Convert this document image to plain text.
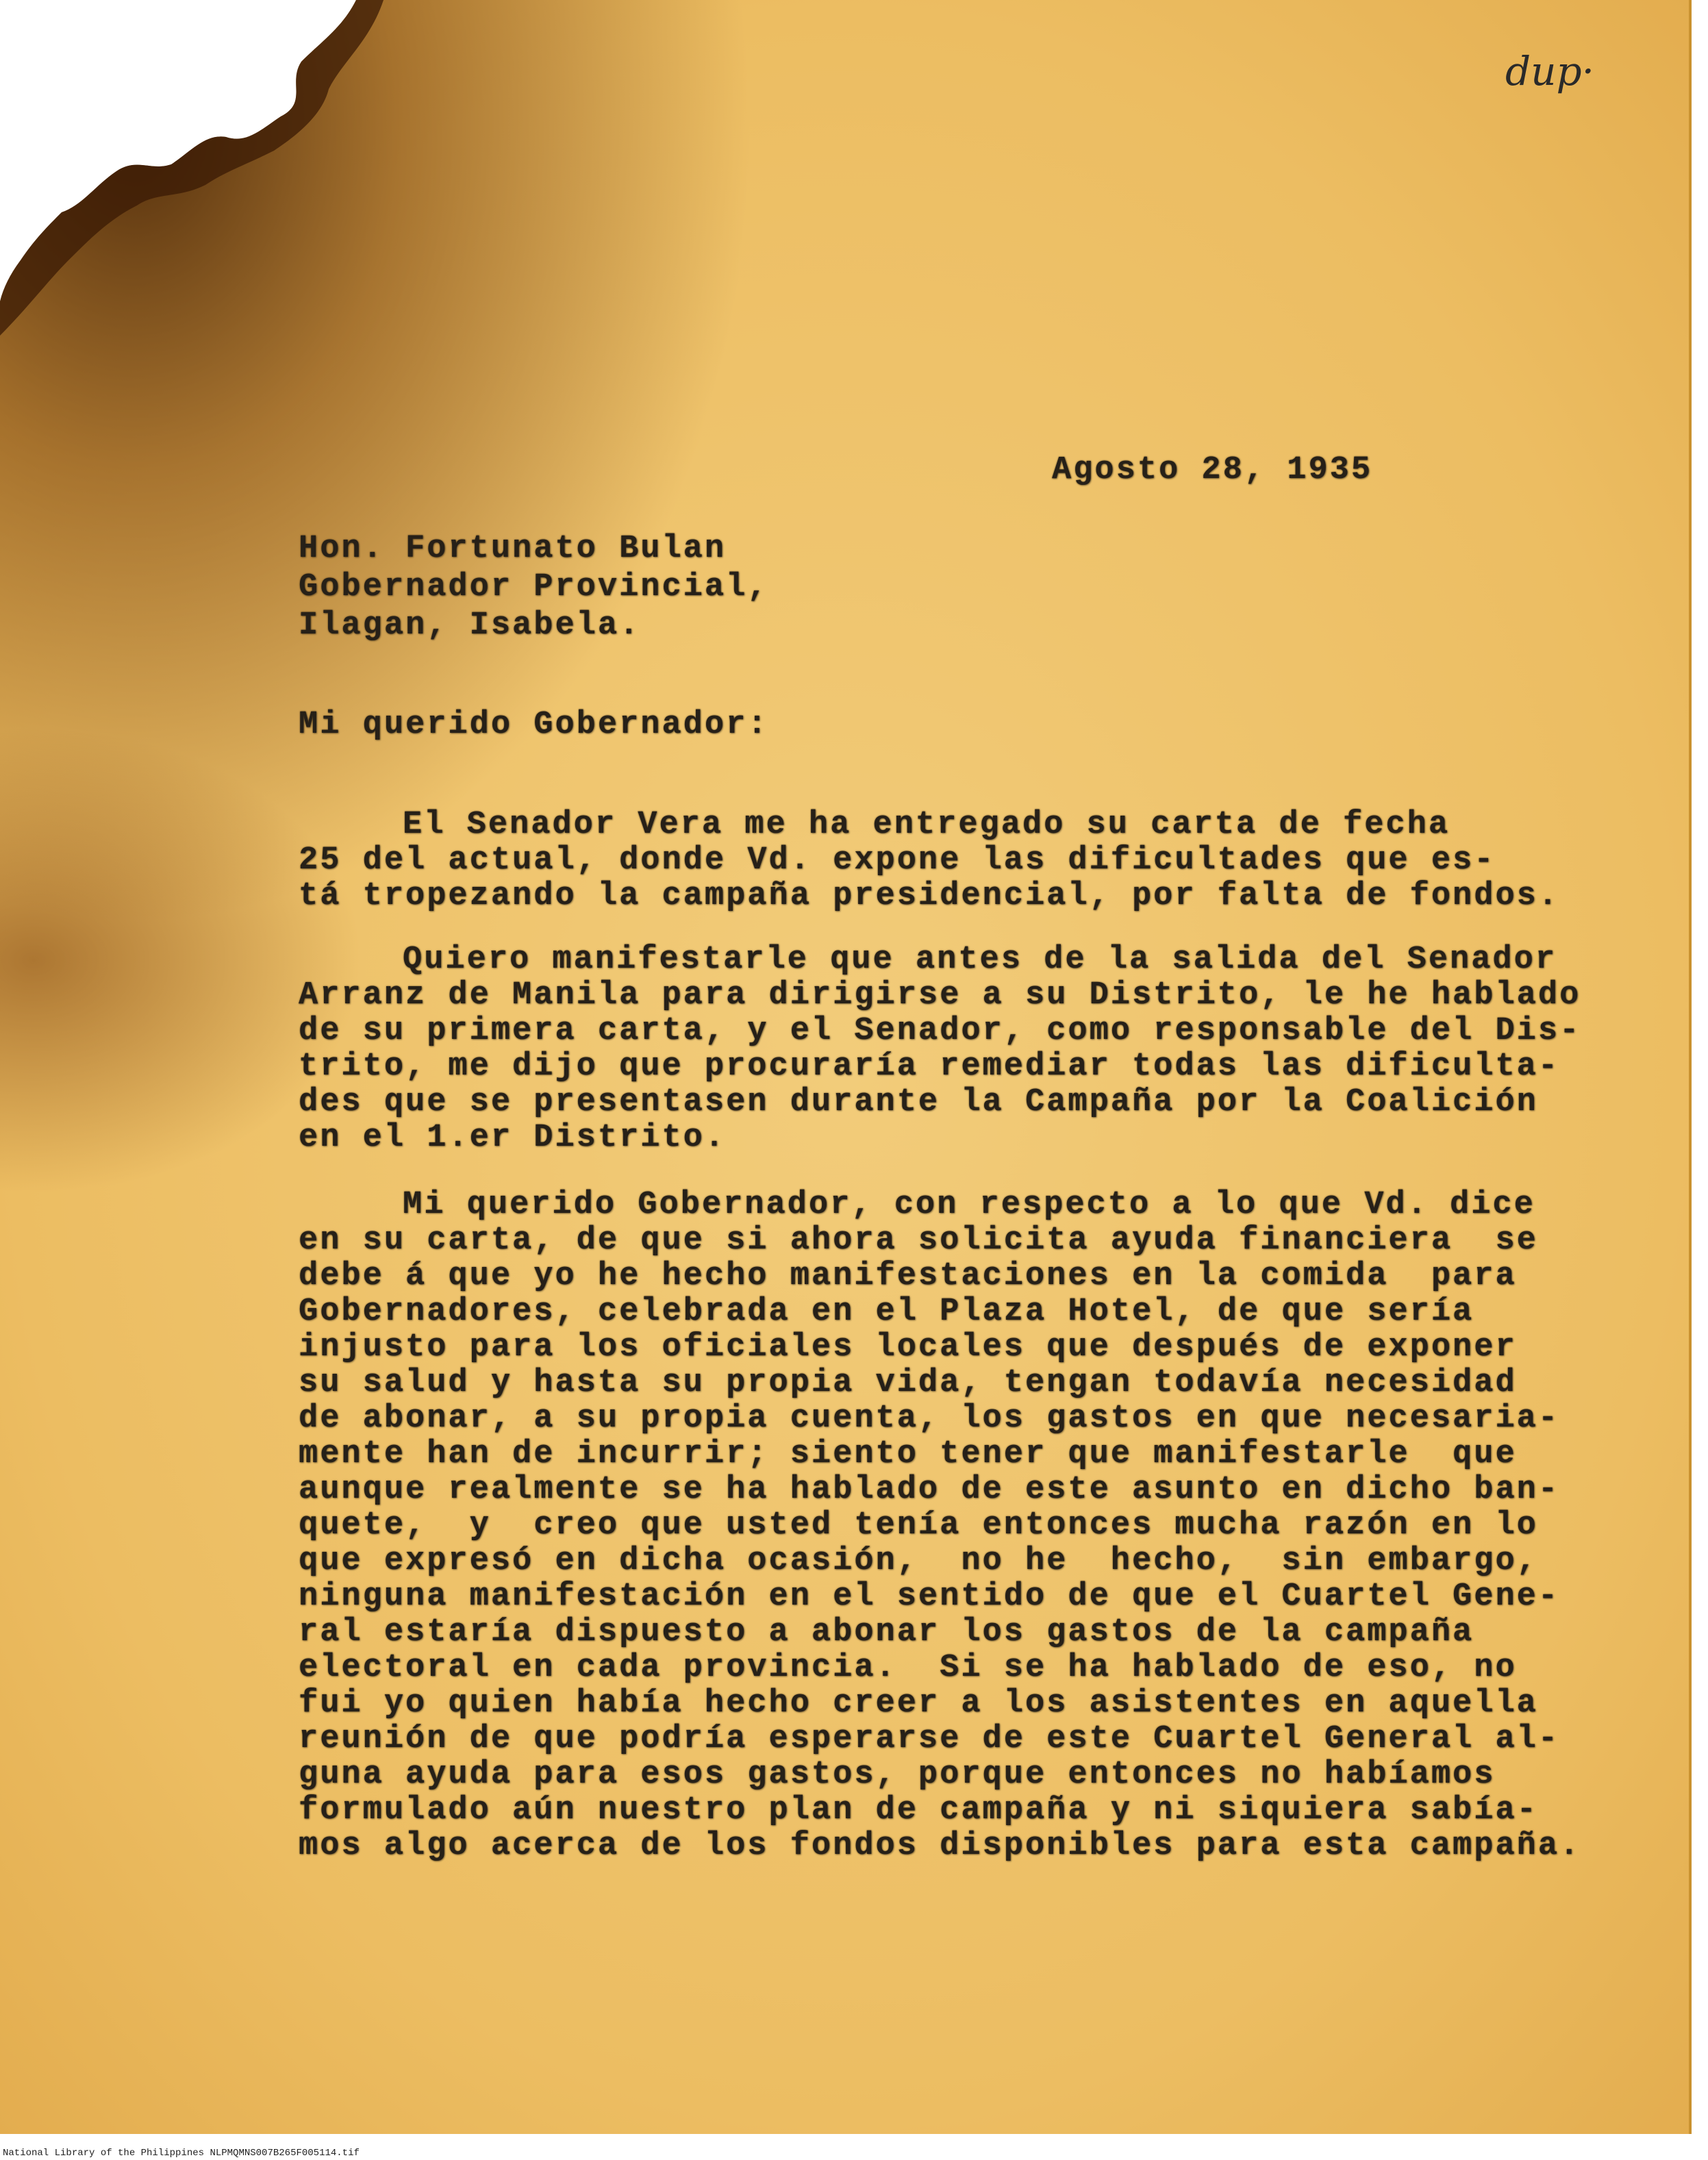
dup·
Agosto 28, 1935
Hon. Fortunato Bulan
Gobernador Provincial,
Ilagan, Isabela.
Mi querido Gobernador:
El Senador Vera me ha entregado su carta de fecha
25 del actual, donde Vd. expone las dificultades que es-
tá tropezando la campaña presidencial, por falta de fondos.
Quiero manifestarle que antes de la salida del Senador
Arranz de Manila para dirigirse a su Distrito, le he hablado
de su primera carta, y el Senador, como responsable del Dis-
trito, me dijo que procuraría remediar todas las dificulta-
des que se presentasen durante la Campaña por la Coalición
en el 1.er Distrito.
Mi querido Gobernador, con respecto a lo que Vd. dice
en su carta, de que si ahora solicita ayuda financiera  se
debe á que yo he hecho manifestaciones en la comida  para
Gobernadores, celebrada en el Plaza Hotel, de que sería
injusto para los oficiales locales que después de exponer
su salud y hasta su propia vida, tengan todavía necesidad
de abonar, a su propia cuenta, los gastos en que necesaria-
mente han de incurrir; siento tener que manifestarle  que
aunque realmente se ha hablado de este asunto en dicho ban-
quete,  y  creo que usted tenía entonces mucha razón en lo
que expresó en dicha ocasión,  no he  hecho,  sin embargo,
ninguna manifestación en el sentido de que el Cuartel Gene-
ral estaría dispuesto a abonar los gastos de la campaña
electoral en cada provincia.  Si se ha hablado de eso, no
fui yo quien había hecho creer a los asistentes en aquella
reunión de que podría esperarse de este Cuartel General al-
guna ayuda para esos gastos, porque entonces no habíamos
formulado aún nuestro plan de campaña y ni siquiera sabía-
mos algo acerca de los fondos disponibles para esta campaña.
National Library of the Philippines NLPMQMNS007B265F005114.tif
